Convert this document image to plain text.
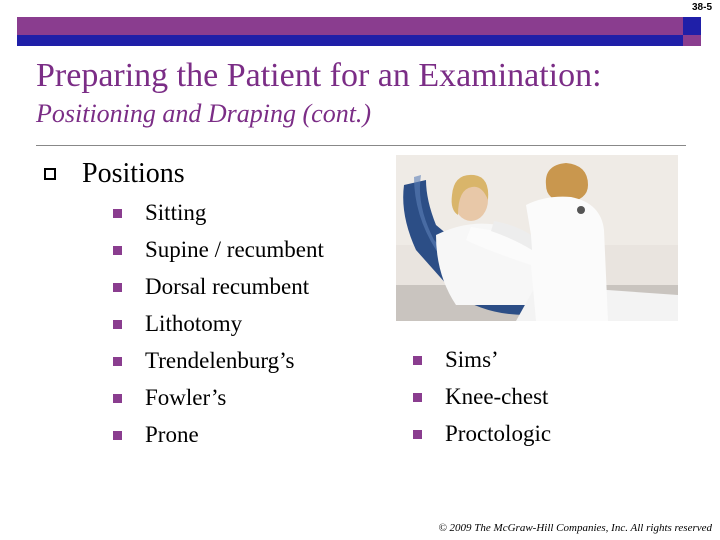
38-5
Preparing the Patient for an Examination: Positioning and Draping (cont.)
Positions
Sitting
Supine / recumbent
Dorsal recumbent
Lithotomy
Trendelenburg’s
Fowler’s
Prone
Sims’
Knee-chest
Proctologic
© 2009 The McGraw-Hill Companies, Inc. All rights reserved
